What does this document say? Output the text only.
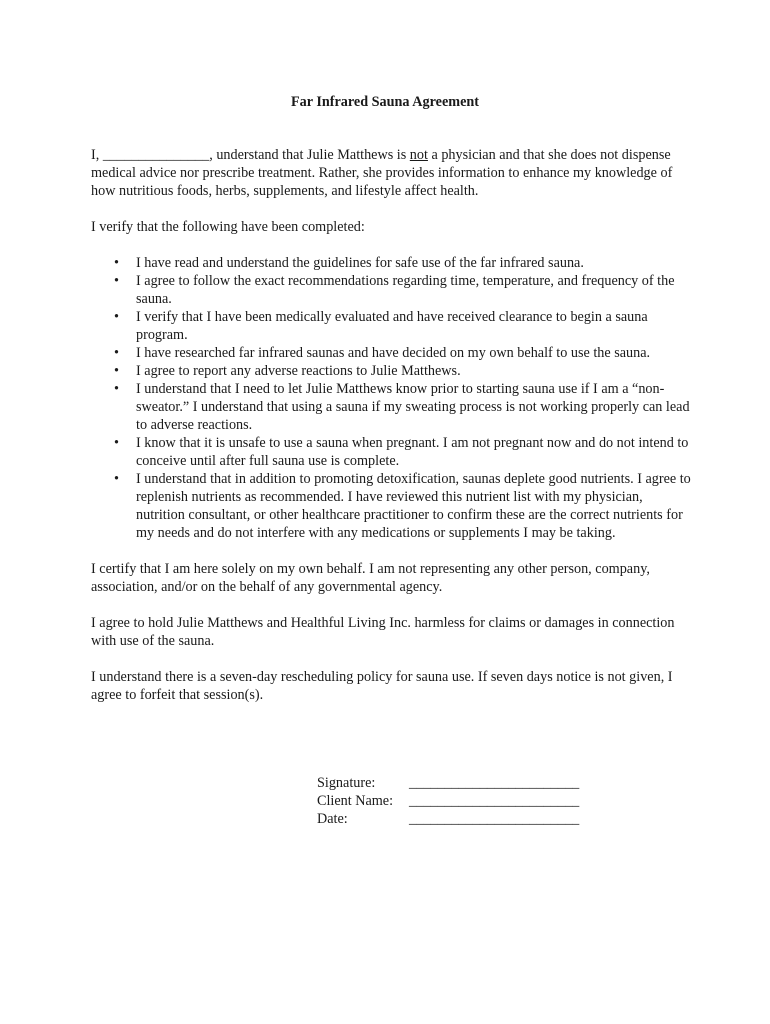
Far Infrared Sauna Agreement

I, _______________, understand that Julie Matthews is not a physician and that she does not dispense medical advice nor prescribe treatment. Rather, she provides information to enhance my knowledge of how nutritious foods, herbs, supplements, and lifestyle affect health.

I verify that the following have been completed:

• I have read and understand the guidelines for safe use of the far infrared sauna.
• I agree to follow the exact recommendations regarding time, temperature, and frequency of the sauna.
• I verify that I have been medically evaluated and have received clearance to begin a sauna program.
• I have researched far infrared saunas and have decided on my own behalf to use the sauna.
• I agree to report any adverse reactions to Julie Matthews.
• I understand that I need to let Julie Matthews know prior to starting sauna use if I am a “non-sweator.” I understand that using a sauna if my sweating process is not working properly can lead to adverse reactions.
• I know that it is unsafe to use a sauna when pregnant. I am not pregnant now and do not intend to conceive until after full sauna use is complete.
• I understand that in addition to promoting detoxification, saunas deplete good nutrients. I agree to replenish nutrients as recommended. I have reviewed this nutrient list with my physician, nutrition consultant, or other healthcare practitioner to confirm these are the correct nutrients for my needs and do not interfere with any medications or supplements I may be taking.

I certify that I am here solely on my own behalf. I am not representing any other person, company, association, and/or on the behalf of any governmental agency.

I agree to hold Julie Matthews and Healthful Living Inc. harmless for claims or damages in connection with use of the sauna.

I understand there is a seven-day rescheduling policy for sauna use. If seven days notice is not given, I agree to forfeit that session(s).

Signature:	________________________
Client Name:	________________________
Date:	________________________
